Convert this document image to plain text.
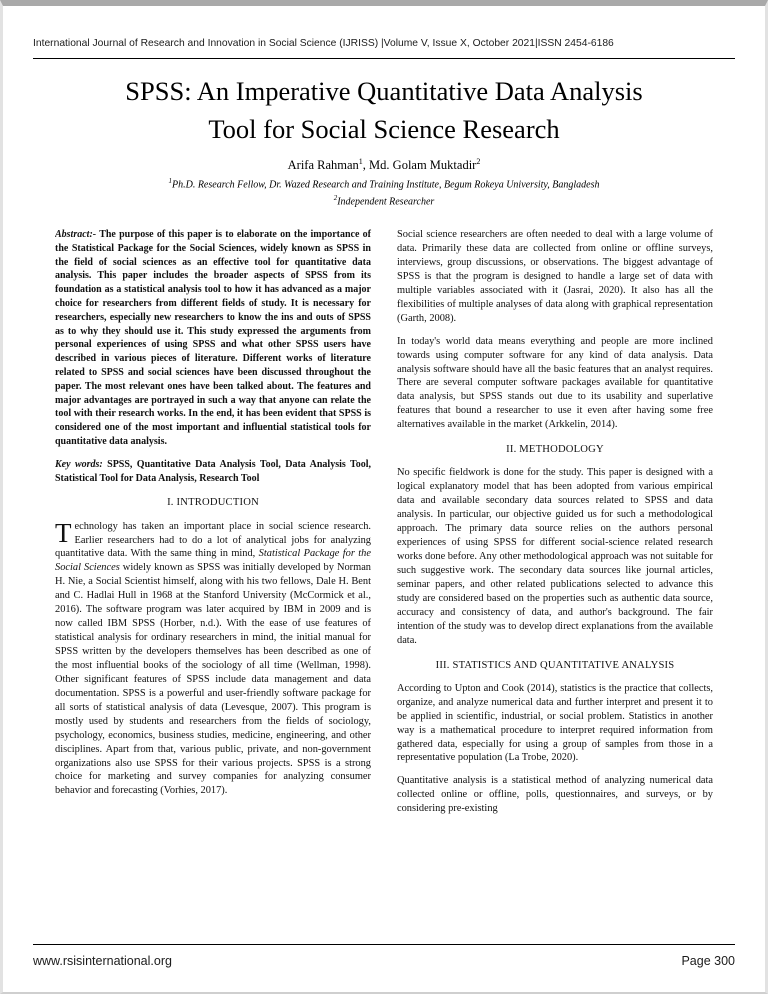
International Journal of Research and Innovation in Social Science (IJRISS) |Volume V, Issue X, October 2021|ISSN 2454-6186
SPSS: An Imperative Quantitative Data Analysis
Tool for Social Science Research
Arifa Rahman$^1$, Md. Golam Muktadir$^2$
$^1$Ph.D. Research Fellow, Dr. Wazed Research and Training Institute, Begum Rokeya University, Bangladesh
$^2$Independent Researcher

Abstract:- The purpose of this paper is to elaborate on the importance of the Statistical Package for the Social Sciences, widely known as SPSS in the field of social sciences as an effective tool for quantitative data analysis. This paper includes the broader aspects of SPSS from its foundation as a statistical analysis tool to how it has advanced as a major choice for researchers from different fields of study. It is necessary for researchers, especially new researchers to know the ins and outs of SPSS as to why they should use it. This study expressed the arguments from personal experiences of using SPSS and what other SPSS users have described in various pieces of literature. Different works of literature related to SPSS and social sciences have been discussed throughout the paper. The most relevant ones have been talked about. The features and major advantages are portrayed in such a way that anyone can relate the tool with their research works. In the end, it has been evident that SPSS is considered one of the most important and influential statistical tools for quantitative data analysis.

Key words: SPSS, Quantitative Data Analysis Tool, Data Analysis Tool, Statistical Tool for Data Analysis, Research Tool

I. INTRODUCTION

Technology has taken an important place in social science research. Earlier researchers had to do a lot of analytical jobs for analyzing quantitative data. With the same thing in mind, Statistical Package for the Social Sciences widely known as SPSS was initially developed by Norman H. Nie, a Social Scientist himself, along with his two fellows, Dale H. Bent and C. Hadlai Hull in 1968 at the Stanford University (McCormick et al., 2016). The software program was later acquired by IBM in 2009 and is now called IBM SPSS (Horber, n.d.). With the ease of use features of statistical analysis for ordinary researchers in mind, the initial manual for SPSS written by the developers themselves has been described as one of the most influential books of the sociology of all time (Wellman, 1998). Other significant features of SPSS include data management and data documentation. SPSS is a powerful and user-friendly software package for all sorts of statistical analysis of data (Levesque, 2007). This program is mostly used by students and researchers from the fields of sociology, psychology, economics, business studies, medicine, engineering, and other disciplines. Apart from that, various public, private, and non-government organizations also use SPSS for their various projects. SPSS is a strong choice for marketing and survey companies for analyzing consumer behavior and forecasting (Vorhies, 2017).

Social science researchers are often needed to deal with a large volume of data. Primarily these data are collected from online or offline surveys, interviews, group discussions, or observations. The biggest advantage of SPSS is that the program is designed to handle a large set of data with multiple variables associated with it (Jasrai, 2020). It also has all the flexibilities of multiple analyses of data along with graphical representation (Garth, 2008).

In today's world data means everything and people are more inclined towards using computer software for any kind of data analysis. Data analysis software should have all the basic features that an analyst requires. There are several computer software packages available for quantitative data analysis, but SPSS stands out due to its usability and superlative features that bound a researcher to use it even after having some free alternatives available in the market (Arkkelin, 2014).

II. METHODOLOGY

No specific fieldwork is done for the study. This paper is designed with a logical explanatory model that has been adopted from various empirical data and available secondary data sources related to SPSS and data analysis. In particular, our objective guided us for such a methodological approach. The primary data source relies on the authors personal experiences of using SPSS for different social-science related research works done before. Any other methodological approach was not suitable for such suggestive work. The secondary data sources like journal articles, seminar papers, and other related publications selected to advance this study are considered based on the properties such as authentic data source, accuracy and consistency of data, and author's background. The fair intention of the study was to develop direct explanations from the available data.

III. STATISTICS AND QUANTITATIVE ANALYSIS

According to Upton and Cook (2014), statistics is the practice that collects, organize, and analyze numerical data and further interpret and present it to be applied in scientific, industrial, or social problem. Statistics in another way is a mathematical procedure to interpret required information from gathered data, especially for using a group of samples from those in a representative population (La Trobe, 2020).

Quantitative analysis is a statistical method of analyzing numerical data collected online or offline, polls, questionnaires, and surveys, or by considering pre-existing

www.rsisinternational.org	Page 300
